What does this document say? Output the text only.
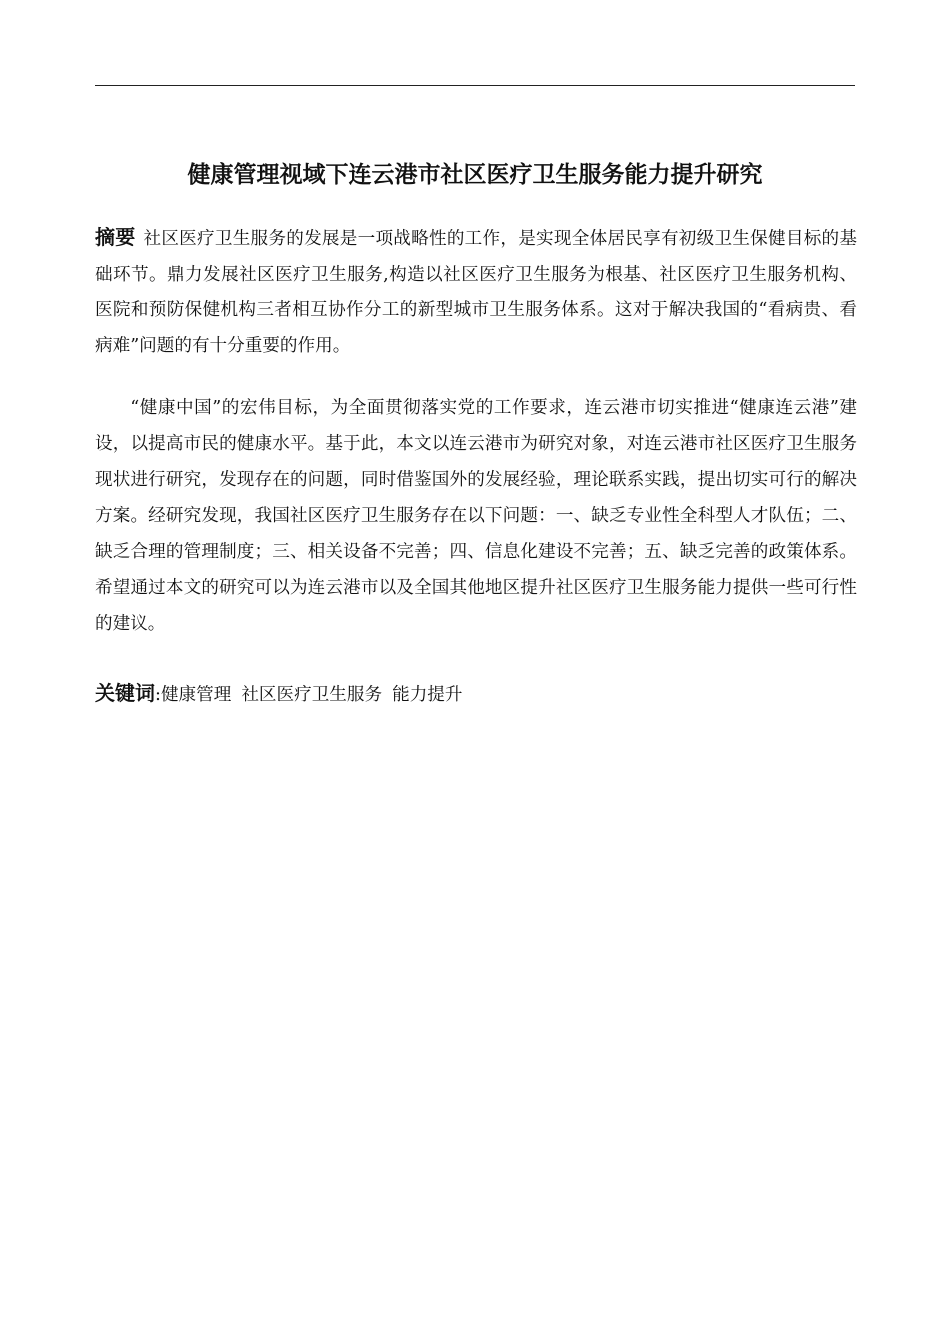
健康管理视域下连云港市社区医疗卫生服务能力提升研究

摘要 社区医疗卫生服务的发展是一项战略性的工作，是实现全体居民享有初级卫生保健目标的基础环节。鼎力发展社区医疗卫生服务,构造以社区医疗卫生服务为根基、社区医疗卫生服务机构、医院和预防保健机构三者相互协作分工的新型城市卫生服务体系。这对于解决我国的“看病贵、看病难”问题的有十分重要的作用。

“健康中国”的宏伟目标，为全面贯彻落实党的工作要求，连云港市切实推进“健康连云港”建设，以提高市民的健康水平。基于此，本文以连云港市为研究对象，对连云港市社区医疗卫生服务现状进行研究，发现存在的问题，同时借鉴国外的发展经验，理论联系实践，提出切实可行的解决方案。经研究发现，我国社区医疗卫生服务存在以下问题：一、缺乏专业性全科型人才队伍；二、缺乏合理的管理制度；三、相关设备不完善；四、信息化建设不完善；五、缺乏完善的政策体系。希望通过本文的研究可以为连云港市以及全国其他地区提升社区医疗卫生服务能力提供一些可行性的建议。

关键词:健康管理 社区医疗卫生服务 能力提升
